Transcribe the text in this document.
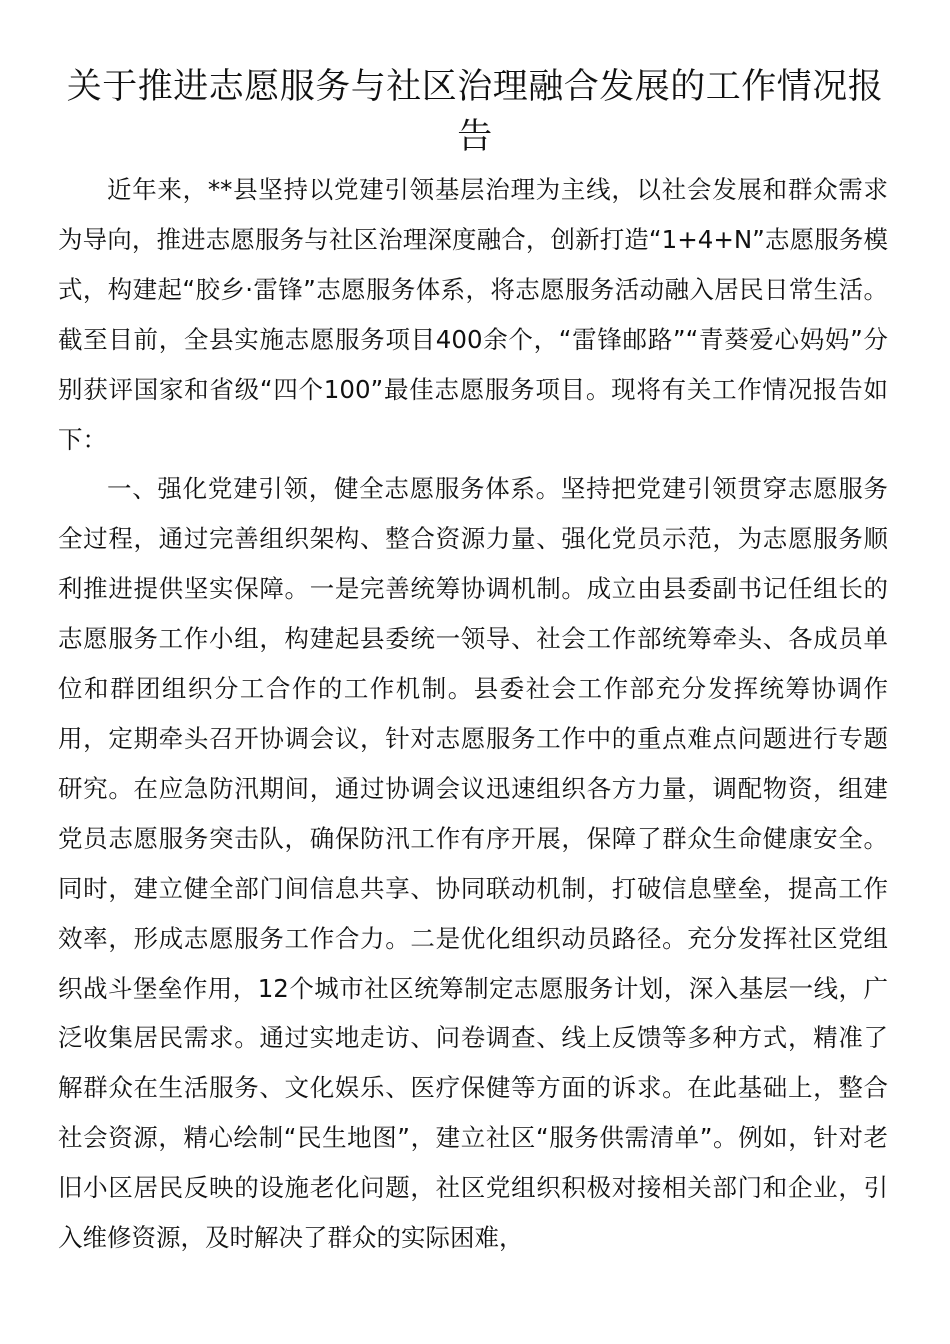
关于推进志愿服务与社区治理融合发展的工作情况报告

近年来，**县坚持以党建引领基层治理为主线，以社会发展和群众需求为导向，推进志愿服务与社区治理深度融合，创新打造“1+4+N”志愿服务模式，构建起“胶乡·雷锋”志愿服务体系，将志愿服务活动融入居民日常生活。截至目前，全县实施志愿服务项目400余个，“雷锋邮路”“青葵爱心妈妈”分别获评国家和省级“四个100”最佳志愿服务项目。现将有关工作情况报告如下：

一、强化党建引领，健全志愿服务体系。坚持把党建引领贯穿志愿服务全过程，通过完善组织架构、整合资源力量、强化党员示范，为志愿服务顺利推进提供坚实保障。一是完善统筹协调机制。成立由县委副书记任组长的志愿服务工作小组，构建起县委统一领导、社会工作部统筹牵头、各成员单位和群团组织分工合作的工作机制。县委社会工作部充分发挥统筹协调作用，定期牵头召开协调会议，针对志愿服务工作中的重点难点问题进行专题研究。在应急防汛期间，通过协调会议迅速组织各方力量，调配物资，组建党员志愿服务突击队，确保防汛工作有序开展，保障了群众生命健康安全。同时，建立健全部门间信息共享、协同联动机制，打破信息壁垒，提高工作效率，形成志愿服务工作合力。二是优化组织动员路径。充分发挥社区党组织战斗堡垒作用，12个城市社区统筹制定志愿服务计划，深入基层一线，广泛收集居民需求。通过实地走访、问卷调查、线上反馈等多种方式，精准了解群众在生活服务、文化娱乐、医疗保健等方面的诉求。在此基础上，整合社会资源，精心绘制“民生地图”，建立社区“服务供需清单”。例如，针对老旧小区居民反映的设施老化问题，社区党组织积极对接相关部门和企业，引入维修资源，及时解决了群众的实际困难，
